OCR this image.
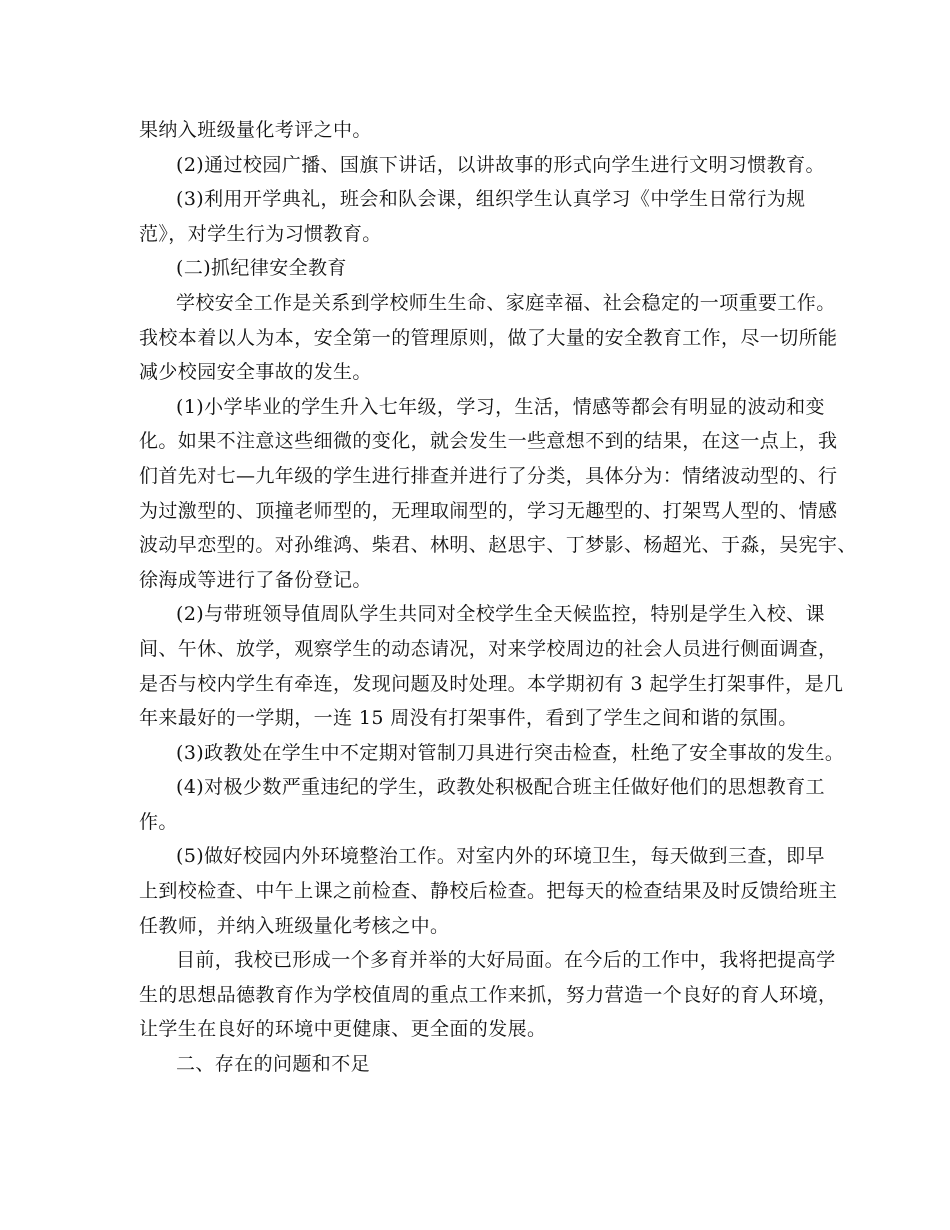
果纳入班级量化考评之中。
(2)通过校园广播、国旗下讲话，以讲故事的形式向学生进行文明习惯教育。
(3)利用开学典礼，班会和队会课，组织学生认真学习《中学生日常行为规
范》，对学生行为习惯教育。
(二)抓纪律安全教育
学校安全工作是关系到学校师生生命、家庭幸福、社会稳定的一项重要工作。
我校本着以人为本，安全第一的管理原则，做了大量的安全教育工作，尽一切所能
减少校园安全事故的发生。
(1)小学毕业的学生升入七年级，学习，生活，情感等都会有明显的波动和变
化。如果不注意这些细微的变化，就会发生一些意想不到的结果，在这一点上，我
们首先对七—九年级的学生进行排查并进行了分类，具体分为：情绪波动型的、行
为过激型的、顶撞老师型的，无理取闹型的，学习无趣型的、打架骂人型的、情感
波动早恋型的。对孙维鸿、柴君、林明、赵思宇、丁梦影、杨超光、于淼，吴宪宇、
徐海成等进行了备份登记。
(2)与带班领导值周队学生共同对全校学生全天候监控，特别是学生入校、课
间、午休、放学，观察学生的动态请况，对来学校周边的社会人员进行侧面调查，
是否与校内学生有牵连，发现问题及时处理。本学期初有 3 起学生打架事件，是几
年来最好的一学期，一连 15 周没有打架事件，看到了学生之间和谐的氛围。
(3)政教处在学生中不定期对管制刀具进行突击检查，杜绝了安全事故的发生。
(4)对极少数严重违纪的学生，政教处积极配合班主任做好他们的思想教育工
作。
(5)做好校园内外环境整治工作。对室内外的环境卫生，每天做到三查，即早
上到校检查、中午上课之前检查、静校后检查。把每天的检查结果及时反馈给班主
任教师，并纳入班级量化考核之中。
目前，我校已形成一个多育并举的大好局面。在今后的工作中，我将把提高学
生的思想品德教育作为学校值周的重点工作来抓，努力营造一个良好的育人环境，
让学生在良好的环境中更健康、更全面的发展。
二、存在的问题和不足
